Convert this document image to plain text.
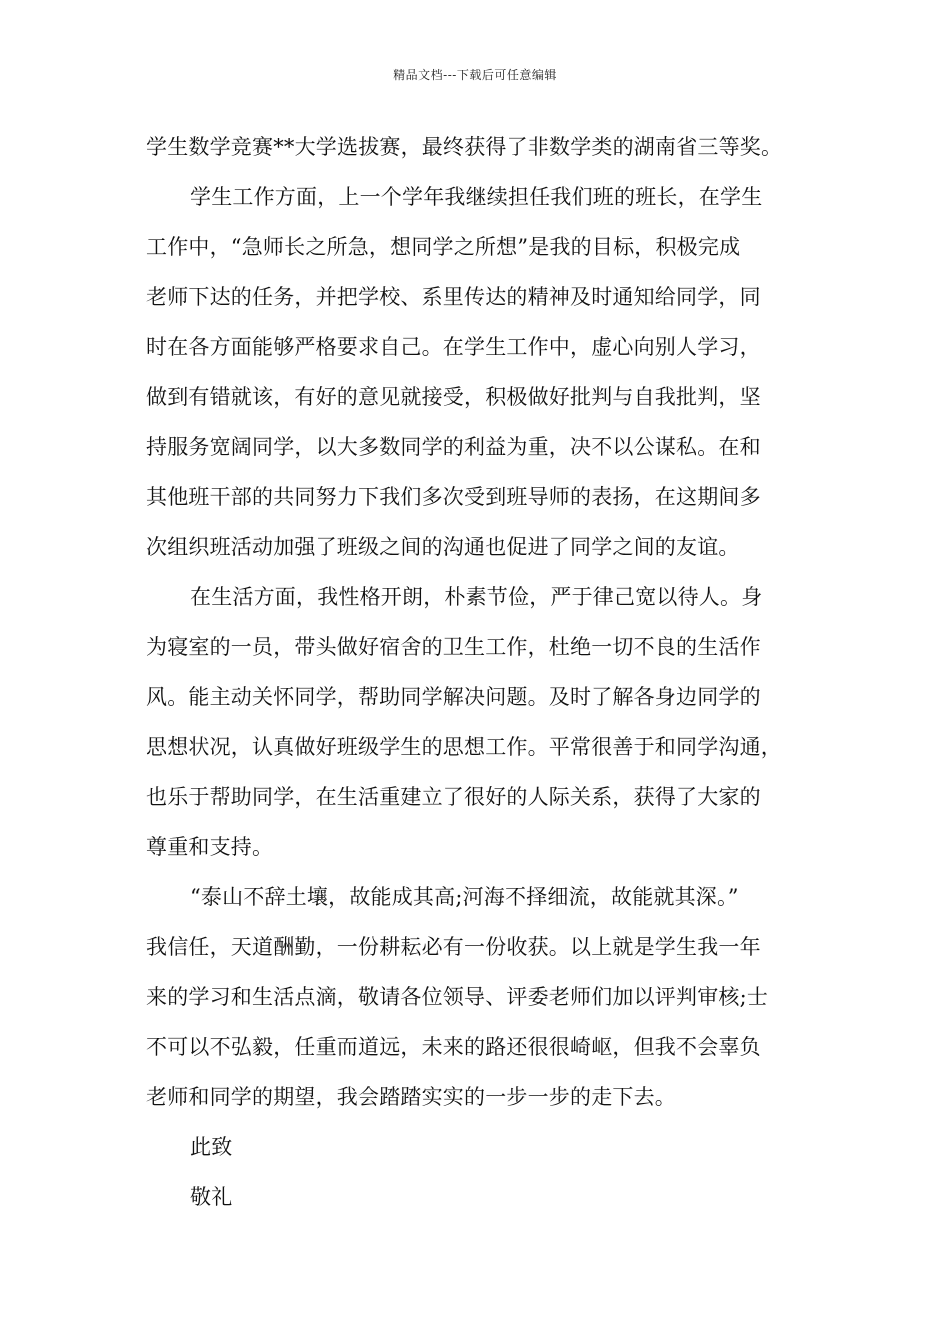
精品文档---下载后可任意编辑
学生数学竞赛**大学选拔赛，最终获得了非数学类的湖南省三等奖。
学生工作方面，上一个学年我继续担任我们班的班长，在学生
工作中，“急师长之所急，想同学之所想”是我的目标，积极完成
老师下达的任务，并把学校、系里传达的精神及时通知给同学，同
时在各方面能够严格要求自己。在学生工作中，虚心向别人学习，
做到有错就该，有好的意见就接受，积极做好批判与自我批判，坚
持服务宽阔同学，以大多数同学的利益为重，决不以公谋私。在和
其他班干部的共同努力下我们多次受到班导师的表扬，在这期间多
次组织班活动加强了班级之间的沟通也促进了同学之间的友谊。
在生活方面，我性格开朗，朴素节俭，严于律己宽以待人。身
为寝室的一员，带头做好宿舍的卫生工作，杜绝一切不良的生活作
风。能主动关怀同学，帮助同学解决问题。及时了解各身边同学的
思想状况，认真做好班级学生的思想工作。平常很善于和同学沟通，
也乐于帮助同学，在生活重建立了很好的人际关系，获得了大家的
尊重和支持。
“泰山不辞土壤，故能成其高;河海不择细流，故能就其深。”
我信任，天道酬勤，一份耕耘必有一份收获。以上就是学生我一年
来的学习和生活点滴，敬请各位领导、评委老师们加以评判审核;士
不可以不弘毅，任重而道远，未来的路还很很崎岖，但我不会辜负
老师和同学的期望，我会踏踏实实的一步一步的走下去。
此致
敬礼
